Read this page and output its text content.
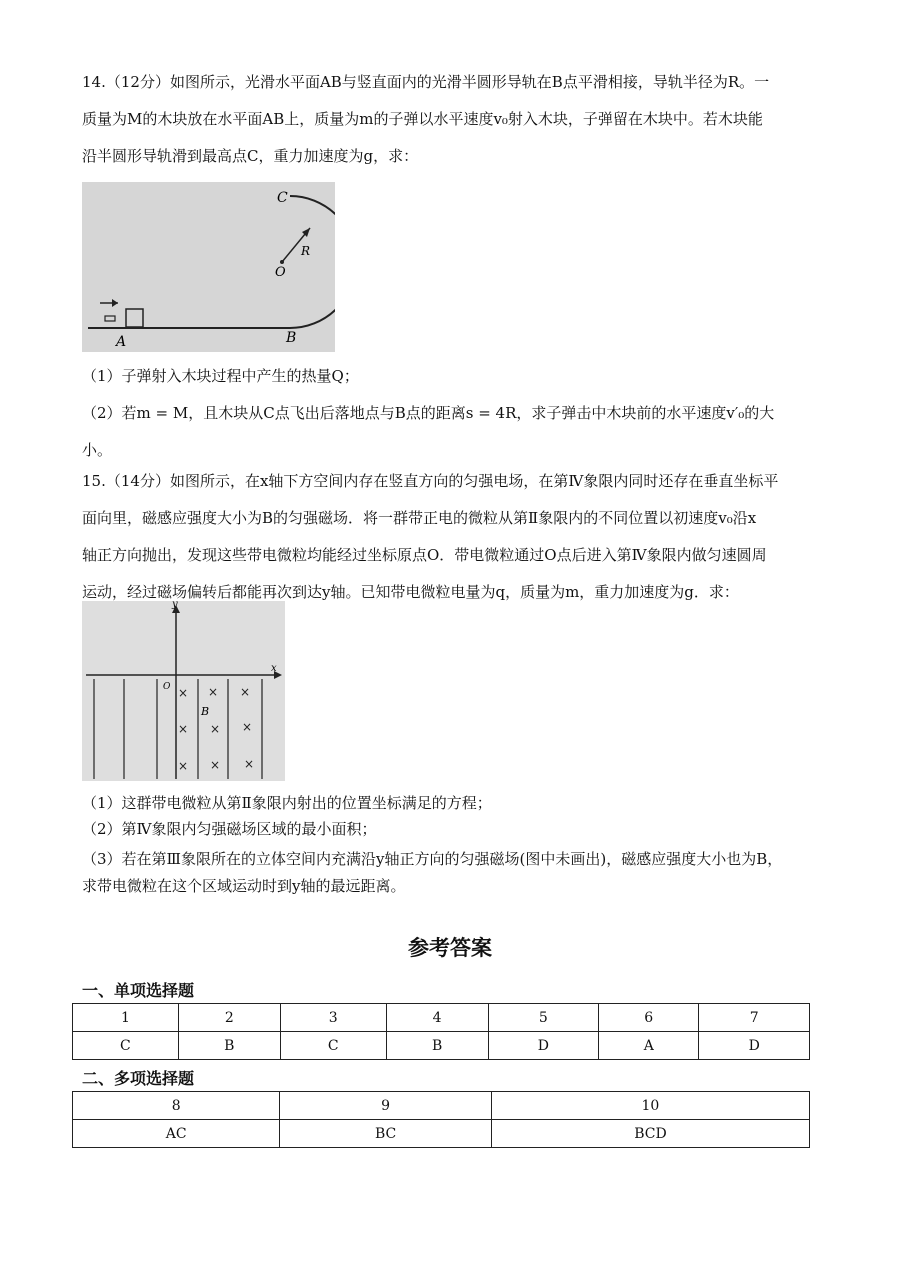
14.（12分）如图所示，光滑水平面AB与竖直面内的光滑半圆形导轨在B点平滑相接，导轨半径为R。一
质量为M的木块放在水平面AB上，质量为m的子弹以水平速度v₀射入木块，子弹留在木块中。若木块能
沿半圆形导轨滑到最高点C，重力加速度为g，求：
C
O
R
A	B
（1）子弹射入木块过程中产生的热量Q；
（2）若m = M，且木块从C点飞出后落地点与B点的距离s = 4R，求子弹击中木块前的水平速度v′₀的大
小。
15.（14分）如图所示，在x轴下方空间内存在竖直方向的匀强电场，在第Ⅳ象限内同时还存在垂直坐标平
面向里，磁感应强度大小为B的匀强磁场．将一群带正电的微粒从第Ⅱ象限内的不同位置以初速度v₀沿x
轴正方向抛出，发现这些带电微粒均能经过坐标原点O．带电微粒通过O点后进入第Ⅳ象限内做匀速圆周
运动，经过磁场偏转后都能再次到达y轴。已知带电微粒电量为q，质量为m，重力加速度为g．求：
y
x
O
B
× × ×
× × ×
× × ×
（1）这群带电微粒从第Ⅱ象限内射出的位置坐标满足的方程；
（2）第Ⅳ象限内匀强磁场区域的最小面积；
（3）若在第Ⅲ象限所在的立体空间内充满沿y轴正方向的匀强磁场(图中未画出)，磁感应强度大小也为B，
求带电微粒在这个区域运动时到y轴的最远距离。
参考答案
一、单项选择题
1	2	3	4	5	6	7
C	B	C	B	D	A	D
二、多项选择题
8	9	10
AC	BC	BCD
